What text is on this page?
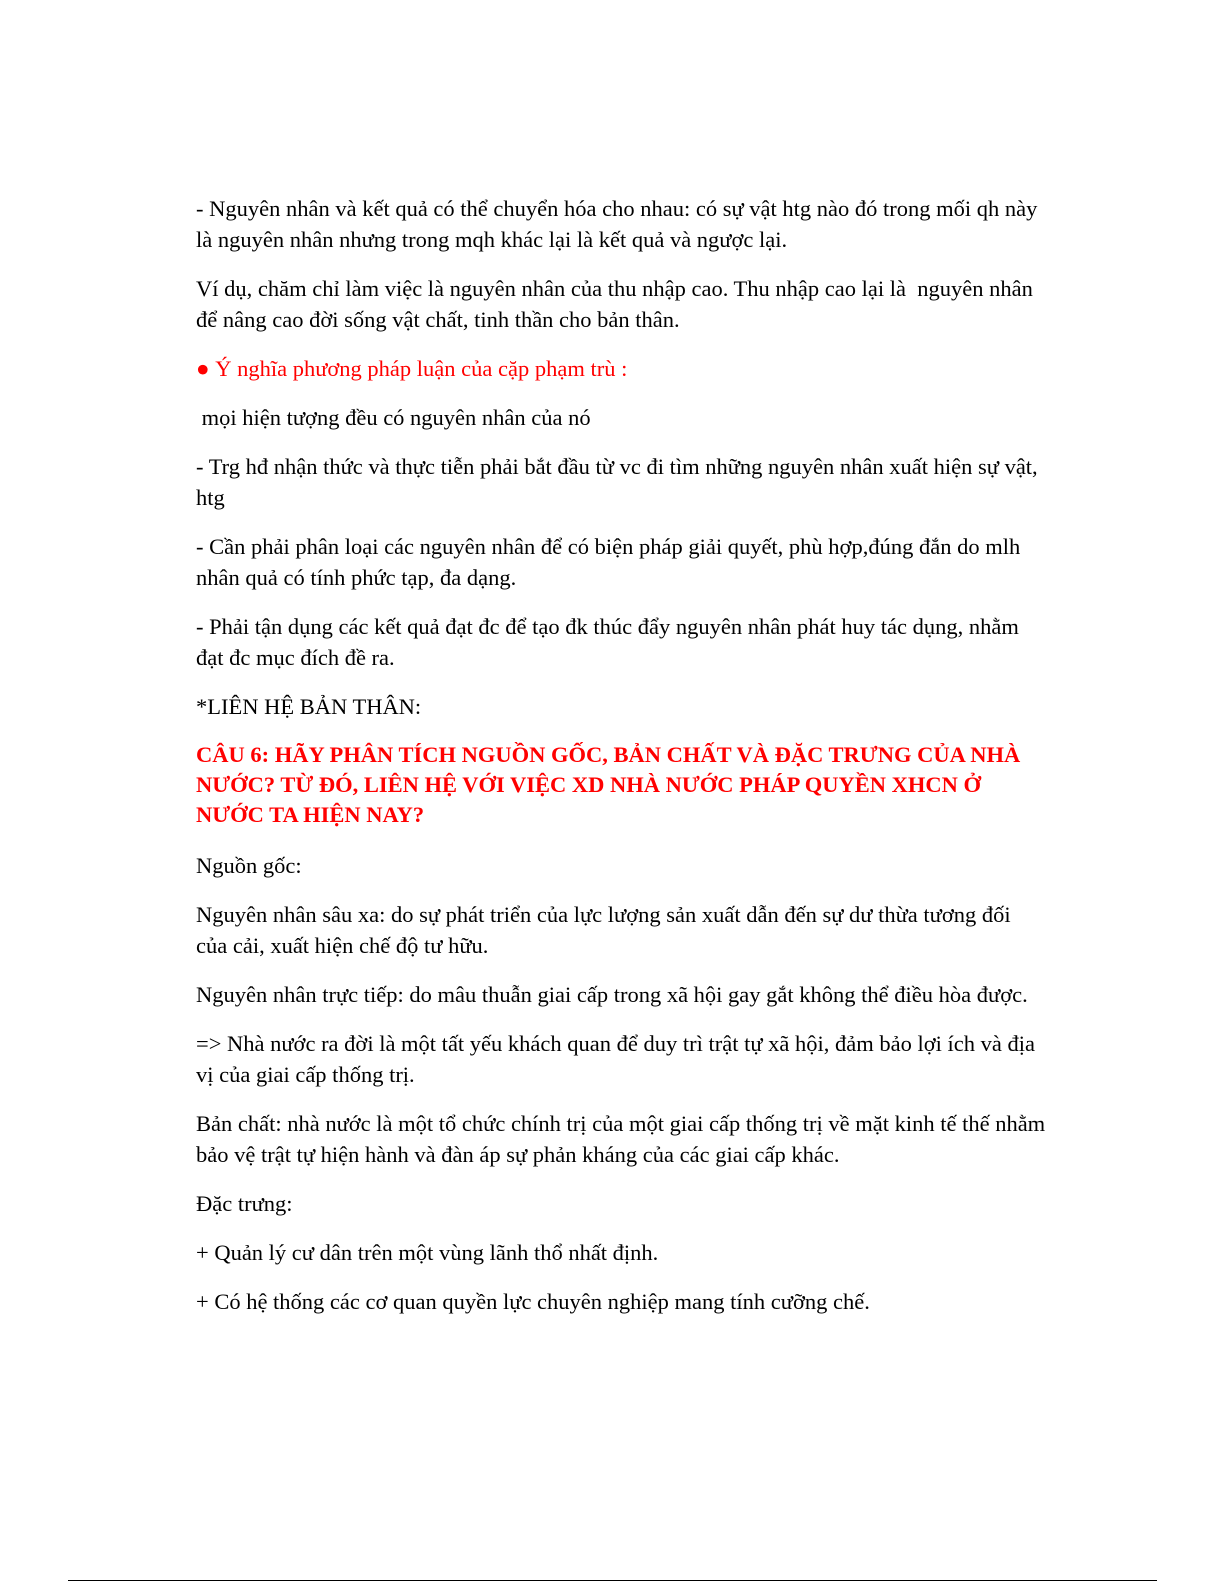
- Nguyên nhân và kết quả có thể chuyển hóa cho nhau: có sự vật htg nào đó trong mối qh này là nguyên nhân nhưng trong mqh khác lại là kết quả và ngược lại.

Ví dụ, chăm chỉ làm việc là nguyên nhân của thu nhập cao. Thu nhập cao lại là  nguyên nhân để nâng cao đời sống vật chất, tinh thần cho bản thân.

● Ý nghĩa phương pháp luận của cặp phạm trù :

mọi hiện tượng đều có nguyên nhân của nó

- Trg hđ nhận thức và thực tiễn phải bắt đầu từ vc đi tìm những nguyên nhân xuất hiện sự vật, htg

- Cần phải phân loại các nguyên nhân để có biện pháp giải quyết, phù hợp,đúng đắn do mlh nhân quả có tính phức tạp, đa dạng.

- Phải tận dụng các kết quả đạt đc để tạo đk thúc đẩy nguyên nhân phát huy tác dụng, nhằm đạt đc mục đích đề ra.

*LIÊN HỆ BẢN THÂN:

CÂU 6: HÃY PHÂN TÍCH NGUỒN GỐC, BẢN CHẤT VÀ ĐẶC TRƯNG CỦA NHÀ NƯỚC? TỪ ĐÓ, LIÊN HỆ VỚI VIỆC XD NHÀ NƯỚC PHÁP QUYỀN XHCN Ở NƯỚC TA HIỆN NAY?

Nguồn gốc:

Nguyên nhân sâu xa: do sự phát triển của lực lượng sản xuất dẫn đến sự dư thừa tương đối của cải, xuất hiện chế độ tư hữu.

Nguyên nhân trực tiếp: do mâu thuẫn giai cấp trong xã hội gay gắt không thể điều hòa được.

=> Nhà nước ra đời là một tất yếu khách quan để duy trì trật tự xã hội, đảm bảo lợi ích và địa vị của giai cấp thống trị.

Bản chất: nhà nước là một tổ chức chính trị của một giai cấp thống trị về mặt kinh tế thế nhằm bảo vệ trật tự hiện hành và đàn áp sự phản kháng của các giai cấp khác.

Đặc trưng:

+ Quản lý cư dân trên một vùng lãnh thổ nhất định.

+ Có hệ thống các cơ quan quyền lực chuyên nghiệp mang tính cưỡng chế.
